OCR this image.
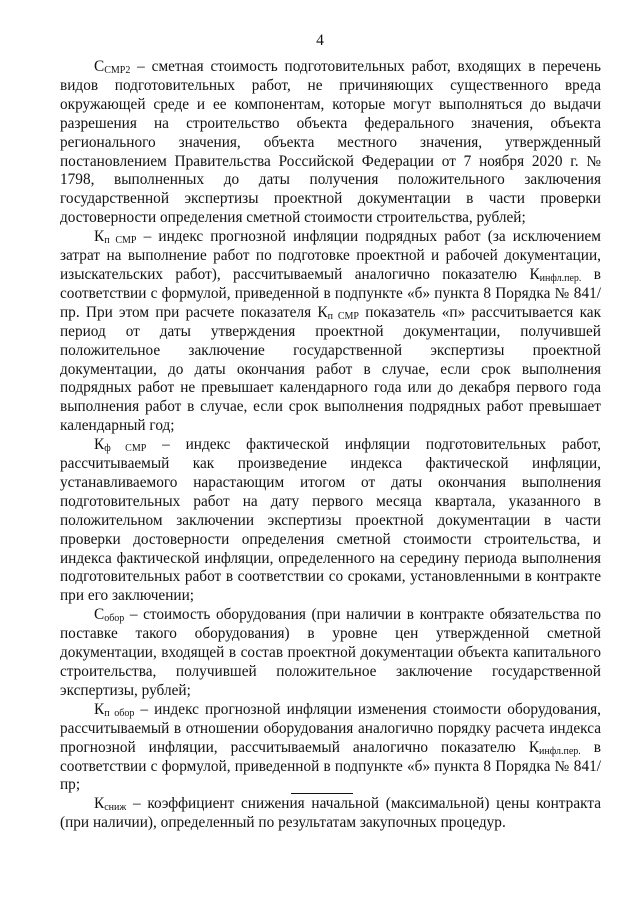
4

$С_{СМР2}$ – сметная стоимость подготовительных работ, входящих в перечень видов подготовительных работ, не причиняющих существенного вреда окружающей среде и ее компонентам, которые могут выполняться до выдачи разрешения на строительство объекта федерального значения, объекта регионального значения, объекта местного значения, утвержденный постановлением Правительства Российской Федерации от 7 ноября 2020 г. № 1798, выполненных до даты получения положительного заключения государственной экспертизы проектной документации в части проверки достоверности определения сметной стоимости строительства, рублей;

$К_{п СМР}$ – индекс прогнозной инфляции подрядных работ (за исключением затрат на выполнение работ по подготовке проектной и рабочей документации, изыскательских работ), рассчитываемый аналогично показателю $К_{инфл.пер.}$ в соответствии с формулой, приведенной в подпункте «б» пункта 8 Порядка № 841/пр. При этом при расчете показателя $К_{п СМР}$ показатель «п» рассчитывается как период от даты утверждения проектной документации, получившей положительное заключение государственной экспертизы проектной документации, до даты окончания работ в случае, если срок выполнения подрядных работ не превышает календарного года или до декабря первого года выполнения работ в случае, если срок выполнения подрядных работ превышает календарный год;

$К_{ф СМР}$ – индекс фактической инфляции подготовительных работ, рассчитываемый как произведение индекса фактической инфляции, устанавливаемого нарастающим итогом от даты окончания выполнения подготовительных работ на дату первого месяца квартала, указанного в положительном заключении экспертизы проектной документации в части проверки достоверности определения сметной стоимости строительства, и индекса фактической инфляции, определенного на середину периода выполнения подготовительных работ в соответствии со сроками, установленными в контракте при его заключении;

$С_{обор}$ – стоимость оборудования (при наличии в контракте обязательства по поставке такого оборудования) в уровне цен утвержденной сметной документации, входящей в состав проектной документации объекта капитального строительства, получившей положительное заключение государственной экспертизы, рублей;

$К_{п обор}$ – индекс прогнозной инфляции изменения стоимости оборудования, рассчитываемый в отношении оборудования аналогично порядку расчета индекса прогнозной инфляции, рассчитываемый аналогично показателю $К_{инфл.пер.}$ в соответствии с формулой, приведенной в подпункте «б» пункта 8 Порядка № 841/пр;

$К_{сниж}$ – коэффициент снижения начальной (максимальной) цены контракта (при наличии), определенный по результатам закупочных процедур.
